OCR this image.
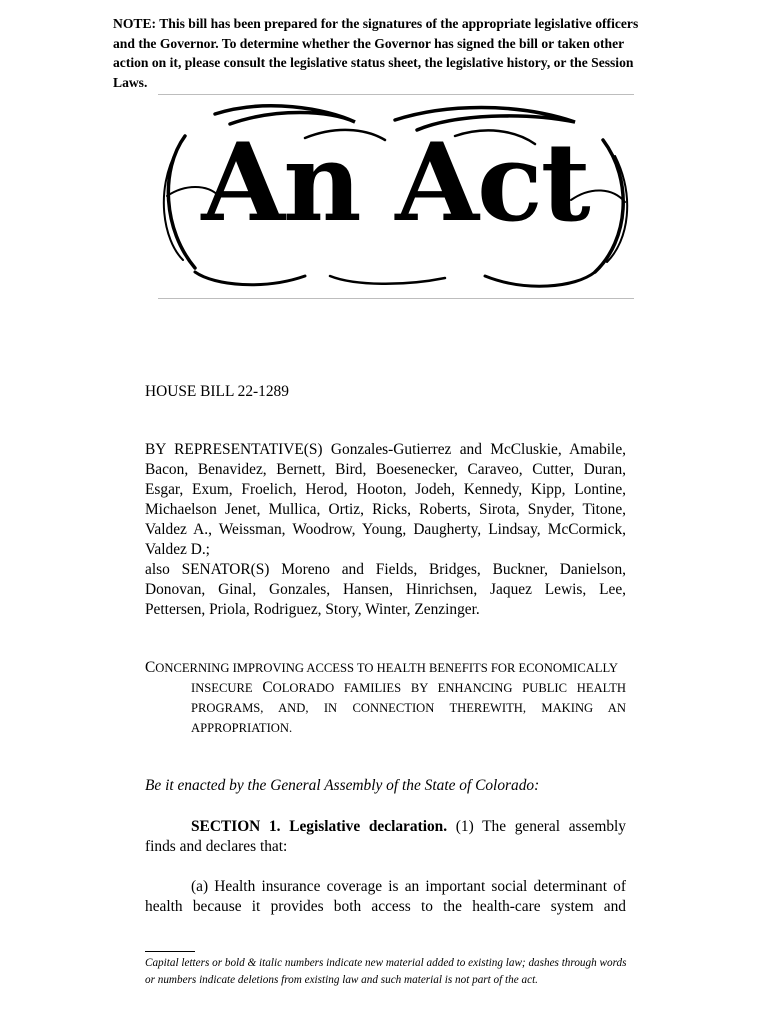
NOTE: This bill has been prepared for the signatures of the appropriate legislative officers and the Governor. To determine whether the Governor has signed the bill or taken other action on it, please consult the legislative status sheet, the legislative history, or the Session Laws.

An Act
HOUSE BILL 22-1289

BY REPRESENTATIVE(S) Gonzales-Gutierrez and McCluskie, Amabile, Bacon, Benavidez, Bernett, Bird, Boesenecker, Caraveo, Cutter, Duran, Esgar, Exum, Froelich, Herod, Hooton, Jodeh, Kennedy, Kipp, Lontine, Michaelson Jenet, Mullica, Ortiz, Ricks, Roberts, Sirota, Snyder, Titone, Valdez A., Weissman, Woodrow, Young, Daugherty, Lindsay, McCormick, Valdez D.;

also SENATOR(S) Moreno and Fields, Bridges, Buckner, Danielson, Donovan, Ginal, Gonzales, Hansen, Hinrichsen, Jaquez Lewis, Lee, Pettersen, Priola, Rodriguez, Story, Winter, Zenzinger.

CONCERNING IMPROVING ACCESS TO HEALTH BENEFITS FOR ECONOMICALLY
INSECURE COLORADO FAMILIES BY ENHANCING PUBLIC HEALTH
PROGRAMS, AND, IN CONNECTION THEREWITH, MAKING AN
APPROPRIATION.
Be it enacted by the General Assembly of the State of Colorado:

SECTION 1. Legislative declaration. (1) The general assembly finds and declares that:

(a) Health insurance coverage is an important social determinant of health because it provides both access to the health-care system and

Capital letters or bold & italic numbers indicate new material added to existing law; dashes through words or numbers indicate deletions from existing law and such material is not part of the act.
